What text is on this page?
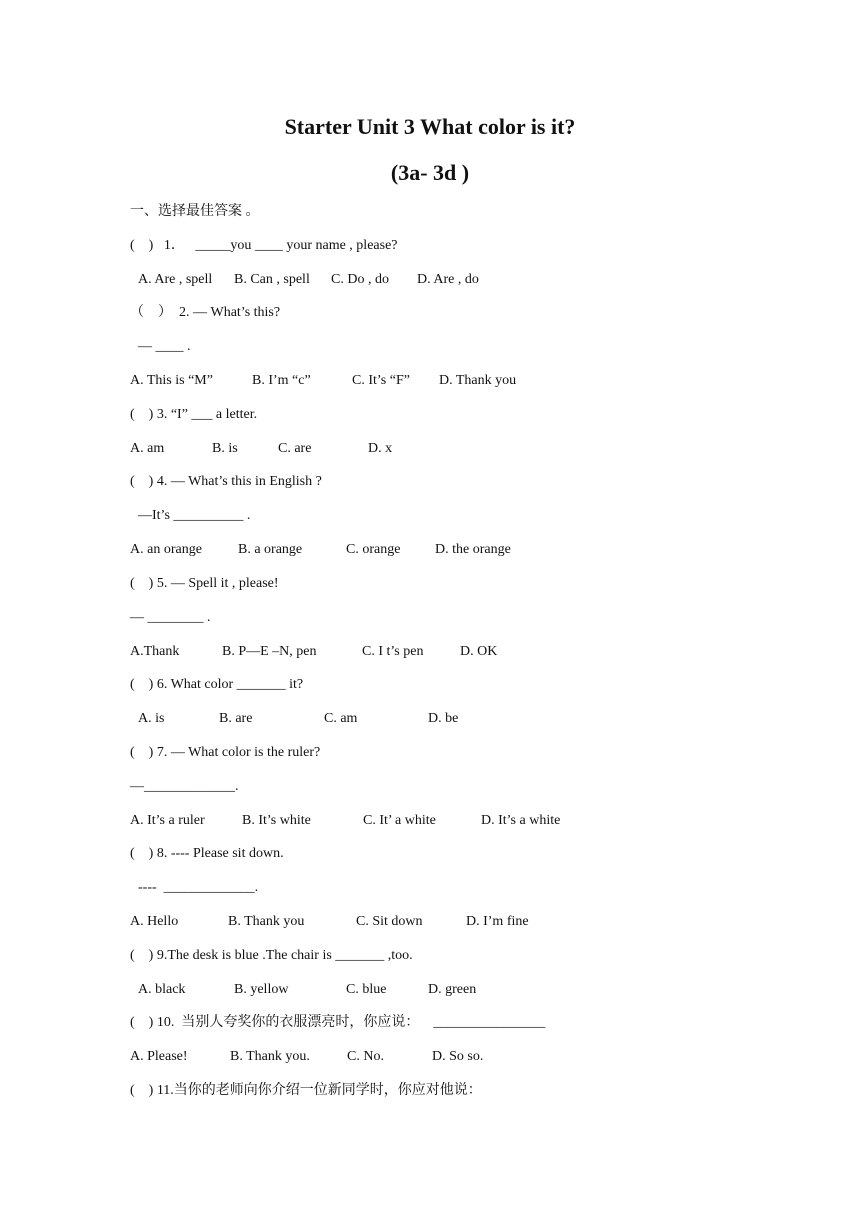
Starter Unit 3 What color is it?
(3a- 3d )
一、选择最佳答案 。
(    )   1．   _____you ____ your name , please?

A. Are , spell

B. Can , spell

C. Do , do

D. Are , do

（    ）  2. — What’s this?
— ____ .

A. This is “M”

	B. I’m “c”

	C. It’s “F”

D. Thank you

(    ) 3. “I” ___ a letter.

A. am

	B. is

	C. are

	D. x

(    ) 4. — What’s this in English ?
—It’s __________ .

A. an orange

	B. a orange

	C. orange

D. the orange

(    ) 5. — Spell it , please!
— ________ .

A.Thank

	B. P—E –N, pen

	C. I t’s pen

	D. OK

(    ) 6. What color _______ it?

A. is

	B. are

	C. am

	D. be

(    ) 7. — What color is the ruler?
—_____________.

A. It’s a ruler

	B. It’s white

	C. It’ a white

	D. It’s a white

(    ) 8. ---- Please sit down.
----  _____________.

A. Hello

	B. Thank you

	C. Sit down

	D. I’m fine

(    ) 9.The desk is blue .The chair is _______ ,too.

A. black

	B. yellow

	C. blue

	D. green

(    ) 10.  当别人夸奖你的衣服漂亮时，你应说：    ________________

A. Please!

	B. Thank you.

	C. No.

	D. So so.

(    ) 11.当你的老师向你介绍一位新同学时，你应对他说：
